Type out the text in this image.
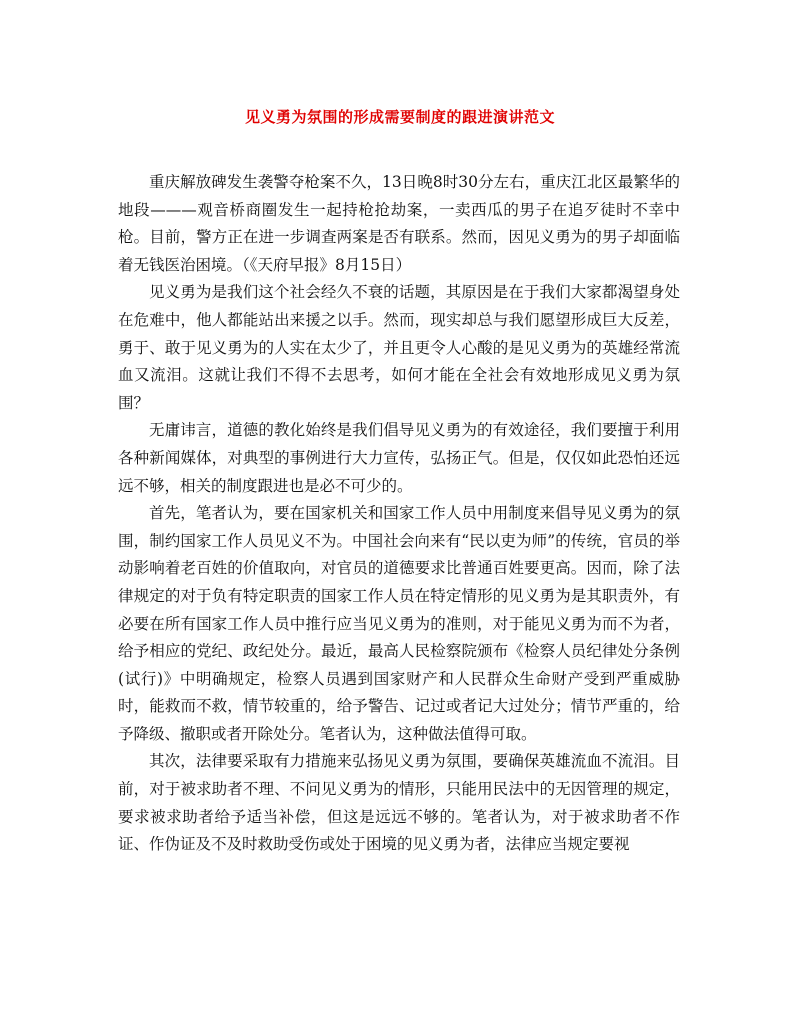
见义勇为氛围的形成需要制度的跟进演讲范文

重庆解放碑发生袭警夺枪案不久，13日晚8时30分左右，重庆江北区最繁华的地段———观音桥商圈发生一起持枪抢劫案，一卖西瓜的男子在追歹徒时不幸中枪。目前，警方正在进一步调查两案是否有联系。然而，因见义勇为的男子却面临着无钱医治困境。（《天府早报》8月15日）

见义勇为是我们这个社会经久不衰的话题，其原因是在于我们大家都渴望身处在危难中，他人都能站出来援之以手。然而，现实却总与我们愿望形成巨大反差，勇于、敢于见义勇为的人实在太少了，并且更令人心酸的是见义勇为的英雄经常流血又流泪。这就让我们不得不去思考，如何才能在全社会有效地形成见义勇为氛围？

无庸讳言，道德的教化始终是我们倡导见义勇为的有效途径，我们要擅于利用各种新闻媒体，对典型的事例进行大力宣传，弘扬正气。但是，仅仅如此恐怕还远远不够，相关的制度跟进也是必不可少的。

首先，笔者认为，要在国家机关和国家工作人员中用制度来倡导见义勇为的氛围，制约国家工作人员见义不为。中国社会向来有“民以吏为师”的传统，官员的举动影响着老百姓的价值取向，对官员的道德要求比普通百姓要更高。因而，除了法律规定的对于负有特定职责的国家工作人员在特定情形的见义勇为是其职责外，有必要在所有国家工作人员中推行应当见义勇为的准则，对于能见义勇为而不为者，给予相应的党纪、政纪处分。最近，最高人民检察院颁布《检察人员纪律处分条例(试行)》中明确规定，检察人员遇到国家财产和人民群众生命财产受到严重威胁时，能救而不救，情节较重的，给予警告、记过或者记大过处分；情节严重的，给予降级、撤职或者开除处分。笔者认为，这种做法值得可取。

其次，法律要采取有力措施来弘扬见义勇为氛围，要确保英雄流血不流泪。目前，对于被求助者不理、不问见义勇为的情形，只能用民法中的无因管理的规定，要求被求助者给予适当补偿，但这是远远不够的。笔者认为，对于被求助者不作证、作伪证及不及时救助受伤或处于困境的见义勇为者，法律应当规定要视
